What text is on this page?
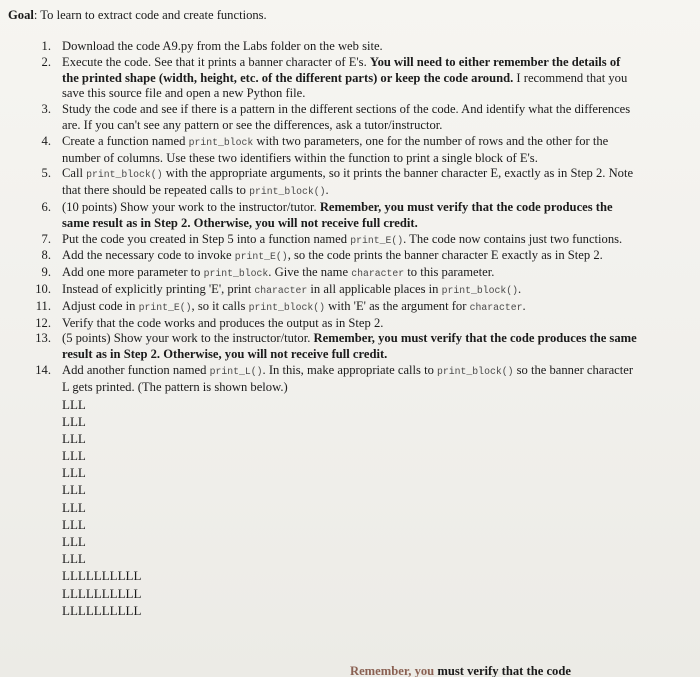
Goal: To learn to extract code and create functions.

1. Download the code A9.py from the Labs folder on the web site.
2. Execute the code. See that it prints a banner character of E's. You will need to either remember the details of the printed shape (width, height, etc. of the different parts) or keep the code around. I recommend that you save this source file and open a new Python file.
3. Study the code and see if there is a pattern in the different sections of the code. And identify what the differences are. If you can't see any pattern or see the differences, ask a tutor/instructor.
4. Create a function named print_block with two parameters, one for the number of rows and the other for the number of columns. Use these two identifiers within the function to print a single block of E's.
5. Call print_block() with the appropriate arguments, so it prints the banner character E, exactly as in Step 2. Note that there should be repeated calls to print_block().
6. (10 points) Show your work to the instructor/tutor. Remember, you must verify that the code produces the same result as in Step 2. Otherwise, you will not receive full credit.
7. Put the code you created in Step 5 into a function named print_E(). The code now contains just two functions.
8. Add the necessary code to invoke print_E(), so the code prints the banner character E exactly as in Step 2.
9. Add one more parameter to print_block. Give the name character to this parameter.
10. Instead of explicitly printing 'E', print character in all applicable places in print_block().
11. Adjust code in print_E(), so it calls print_block() with 'E' as the argument for character.
12. Verify that the code works and produces the output as in Step 2.
13. (5 points) Show your work to the instructor/tutor. Remember, you must verify that the code produces the same result as in Step 2. Otherwise, you will not receive full credit.
14. Add another function named print_L(). In this, make appropriate calls to print_block() so the banner character L gets printed. (The pattern is shown below.)
LLL
LLL
LLL
LLL
LLL
LLL
LLL
LLL
LLL
LLL
LLLLLLLLLL
LLLLLLLLLL
LLLLLLLLLL
Remember, you must verify that the code
